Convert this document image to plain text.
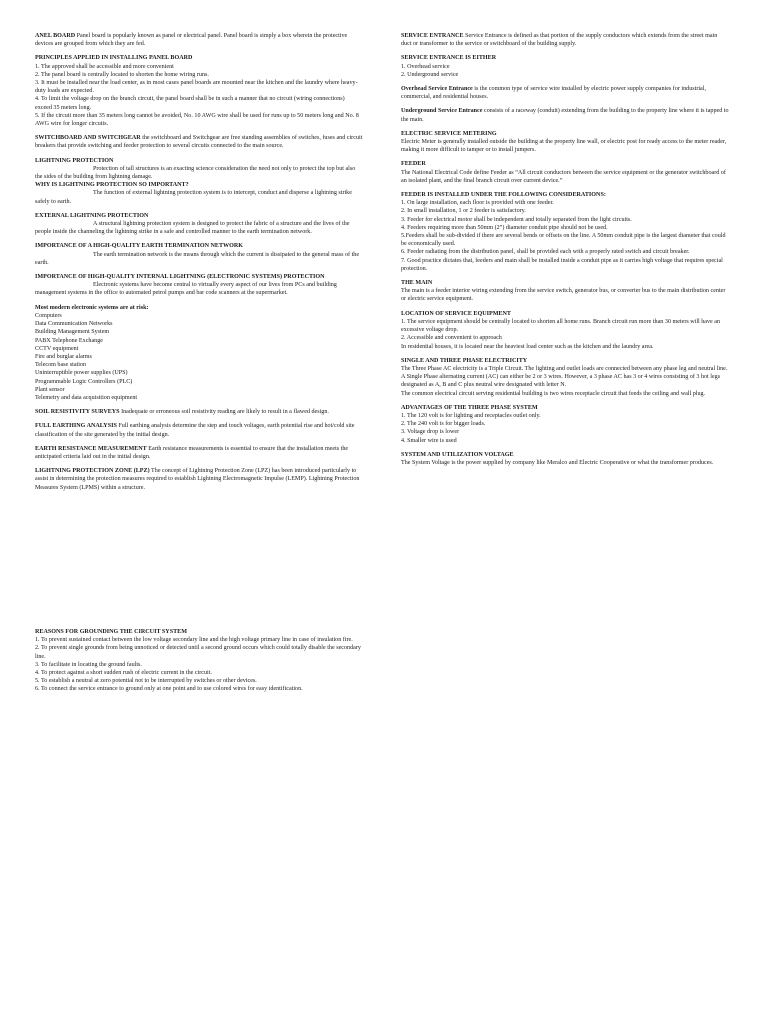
ANEL BOARD Panel board is popularly known as panel or electrical panel. Panel board is simply a box wherein the protective devices are grouped from which they are fed.
PRINCIPLES APPLIED IN INSTALLING PANEL BOARD
1. The approved shall be accessible and more convenient
2. The panel board is centrally located to shorten the home wiring runs.
3. It must be installed near the load center, as in most cases panel boards are mounted near the kitchen and the laundry where heavy-duty loads are expected.
4. To limit the voltage drop on the branch circuit, the panel board shall be in such a manner that no circuit (wiring connections) exceed 35 meters long.
5. If the circuit more than 35 meters long cannot be avoided, No. 10 AWG wire shall be used for runs up to 50 meters long and No. 8 AWG wire for longer circuits.
SWITCHBOARD AND SWITCHGEAR the switchboard and Switchgear are free standing assemblies of switches, fuses and circuit breakers that provide switching and feeder protection to several circuits connected to the main source.
LIGHTNING PROTECTION
Protection of tall structures is an exacting science consideration the need not only to protect the top but also the sides of the building from lightning damage.
WHY IS LIGHTNING PROTECTION SO IMPORTANT?
The function of external lightning protection system is to intercept, conduct and disperse a lightning strike safely to earth.
EXTERNAL LIGHTNING PROTECTION
A structural lightning protection system is designed to protect the fabric of a structure and the lives of the people inside the channeling the lightning strike in a safe and controlled manner to the earth termination network.
IMPORTANCE OF A HIGH-QUALITY EARTH TERMINATION NETWORK
The earth termination network is the means through which the current is dissipated to the general mass of the earth.
IMPORTANCE OF HIGH-QUALITY INTERNAL LIGHTNING (ELECTRONIC SYSTEMS) PROTECTION
Electronic systems have become central to virtually every aspect of our lives from PCs and building management systems in the office to automated petrol pumps and bar code scanners at the supermarket.
Most modern electronic systems are at risk:
Computers
Data Communication Networks
Building Management System
PABX Telephone Exchange
CCTV equipment
Fire and burglar alarms
Telecom base station
Uninterruptible power supplies (UPS)
Programmable Logic Controllers (PLC)
Plant sensor
Telemetry and data acquisition equipment
SOIL RESISTIVITY SURVEYS Inadequate or erroneous soil resistivity reading are likely to result in a flawed design.
FULL EARTHING ANALYSIS Full earthing analysis determine the step and touch voltages, earth potential rise and hot/cold site classification of the site generated by the initial design.
EARTH RESISTANCE MEASUREMENT Earth resistance measurements is essential to ensure that the installation meets the anticipated criteria laid out in the initial design.
LIGHTNING PROTECTION ZONE (LPZ) The concept of Lightning Protection Zone (LPZ) has been introduced particularly to assist in determining the protection measures required to establish Lightning Electromagnetic Impulse (LEMP). Lightning Protection Measures System (LPMS) within a structure.
REASONS FOR GROUNDING THE CIRCUIT SYSTEM
1. To prevent sustained contact between the low voltage secondary line and the high voltage primary line in case of insulation fire.
2. To prevent single grounds from being unnoticed or detected until a second ground occurs which could totally disable the secondary line.
3. To facilitate in locating the ground faults.
4. To protect against a short sudden rush of electric current in the circuit.
5. To establish a neutral at zero potential not to be interrupted by switches or other devices.
6. To connect the service entrance to ground only at one point and to use colored wires for easy identification.
SERVICE ENTRANCE Service Entrance is defined as that portion of the supply conductors which extends from the street main duct or transformer to the service or switchboard of the building supply.
SERVICE ENTRANCE IS EITHER
1. Overhead service
2. Underground service
Overhead Service Entrance is the common type of service wire installed by electric power supply companies for industrial, commercial, and residential houses.
Underground Service Entrance consists of a raceway (conduit) extending from the building to the property line where it is tapped to the main.
ELECTRIC SERVICE METERING
Electric Meter is generally installed outside the building at the property line wall, or electric post for ready access to the meter reader, making it more difficult to tamper or to install jumpers.
FEEDER
The National Electrical Code define Feeder as “All circuit conductors between the service equipment or the generator switchboard of an isolated plant, and the final branch circuit over current device.”
FEEDER IS INSTALLED UNDER THE FOLLOWING CONSIDERATIONS:
1. On large installation, each floor is provided with one feeder.
2. In small installation, 1 or 2 feeder is satisfactory.
3. Feeder for electrical motor shall be independent and totally separated from the light circuits.
4. Feeders requiring more than 50mm (2”) diameter conduit pipe should not be used.
5.Feeders shall be sub-divided if there are several bends or offsets on the line. A 50mm conduit pipe is the largest diameter that could be economically used.
6. Feeder radiating from the distribution panel, shall be provided each with a properly rated switch and circuit breaker.
7. Good practice dictates that, feeders and main shall be installed inside a conduit pipe as it carries high voltage that requires special protection.
THE MAIN
The main is a feeder interior wiring extending from the service switch, generator bus, or converter bus to the main distribution center or electric service equipment.
LOCATION OF SERVICE EQUIPMENT
1. The service equipment should be centrally located to shorten all home runs. Branch circuit run more than 30 meters will have an excessive voltage drop.
2. Accessible and convenient to approach
In residential houses, it is located near the heaviest load center such as the kitchen and the laundry area.
SINGLE AND THREE PHASE ELECTRICITY
The Three Phase AC electricity is a Triple Circuit. The lighting and outlet loads are connected between any phase leg and neutral line.
A Single Phase alternating current (AC) can either be 2 or 3 wires. However, a 3 phase AC has 3 or 4 wires consisting of 3 hot legs designated as A, B and C plus neutral wire designated with letter N.
The common electrical circuit serving residential building is two wires receptacle circuit that feeds the ceiling and wall plug.
ADVANTAGES OF THE THREE PHASE SYSTEM
1. The 120 volt is for lighting and receptacles outlet only.
2. The 240 volt is for bigger loads.
3. Voltage drop is lower
4. Smaller wire is used
SYSTEM AND UTILIZATION VOLTAGE
The System Voltage is the power supplied by company like Meralco and Electric Cooperative or what the transformer produces.
